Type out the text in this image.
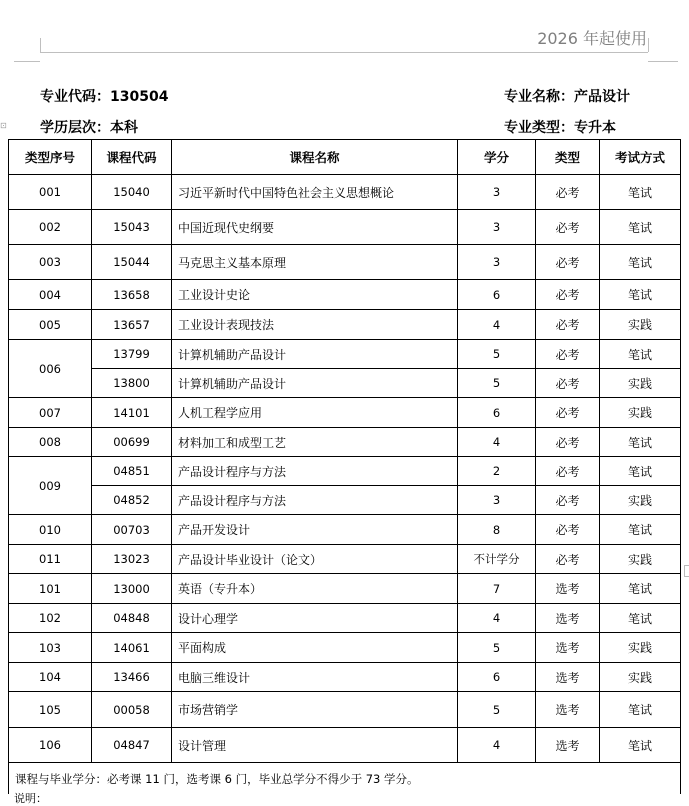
2026 年起使用
专业代码：130504
学历层次：本科
专业名称：产品设计
专业类型：专升本
⊡
类型序号	课程代码	课程名称	学分	类型	考试方式
001	15040	习近平新时代中国特色社会主义思想概论	3	必考	笔试
002	15043	中国近现代史纲要	3	必考	笔试
003	15044	马克思主义基本原理	3	必考	笔试
004	13658	工业设计史论	6	必考	笔试
005	13657	工业设计表现技法	4	必考	实践
006	13799	计算机辅助产品设计	5	必考	笔试
	13800	计算机辅助产品设计	5	必考	实践
007	14101	人机工程学应用	6	必考	实践
008	00699	材料加工和成型工艺	4	必考	笔试
009	04851	产品设计程序与方法	2	必考	笔试
	04852	产品设计程序与方法	3	必考	实践
010	00703	产品开发设计	8	必考	笔试
011	13023	产品设计毕业设计（论文）	不计学分	必考	实践
101	13000	英语（专升本）	7	选考	笔试
102	04848	设计心理学	4	选考	笔试
103	14061	平面构成	5	选考	实践
104	13466	电脑三维设计	6	选考	实践
105	00058	市场营销学	5	选考	笔试
106	04847	设计管理	4	选考	笔试
课程与毕业学分：必考课 11 门，选考课 6 门，毕业总学分不得少于 73 学分。					
说明：
